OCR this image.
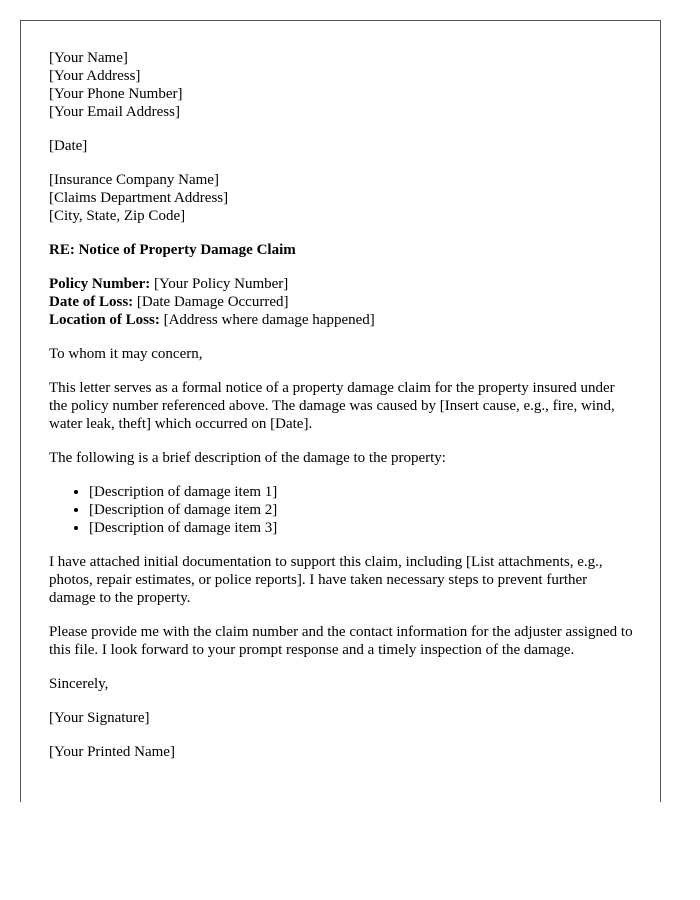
[Your Name]
[Your Address]
[Your Phone Number]
[Your Email Address]

[Date]

[Insurance Company Name]
[Claims Department Address]
[City, State, Zip Code]

RE: Notice of Property Damage Claim

Policy Number: [Your Policy Number]
Date of Loss: [Date Damage Occurred]
Location of Loss: [Address where damage happened]

To whom it may concern,

This letter serves as a formal notice of a property damage claim for the property insured under the policy number referenced above. The damage was caused by [Insert cause, e.g., fire, wind, water leak, theft] which occurred on [Date].

The following is a brief description of the damage to the property:

• [Description of damage item 1]
• [Description of damage item 2]
• [Description of damage item 3]

I have attached initial documentation to support this claim, including [List attachments, e.g., photos, repair estimates, or police reports]. I have taken necessary steps to prevent further damage to the property.

Please provide me with the claim number and the contact information for the adjuster assigned to this file. I look forward to your prompt response and a timely inspection of the damage.

Sincerely,

[Your Signature]

[Your Printed Name]
